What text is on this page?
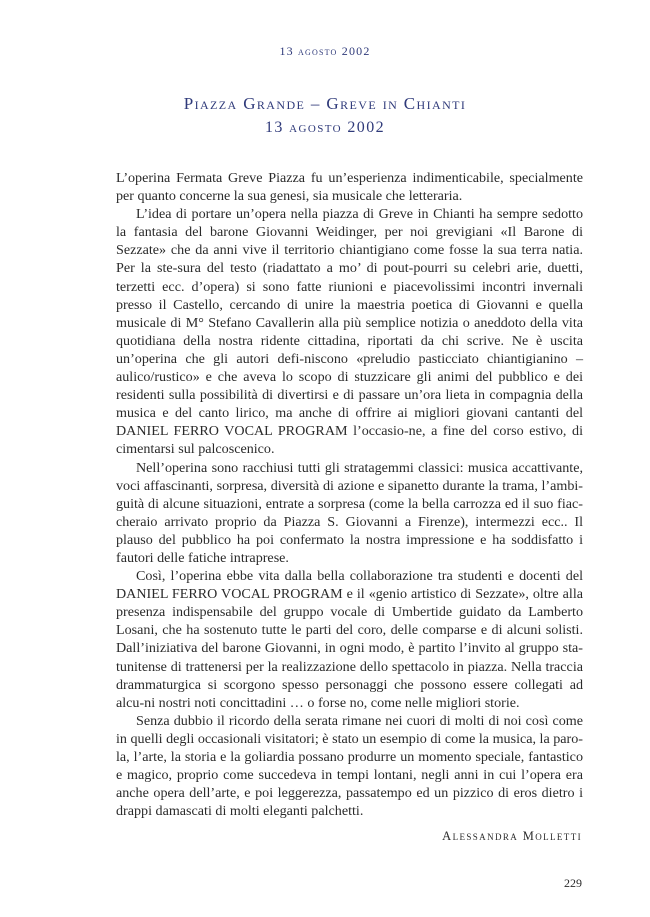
13 agosto 2002
Piazza Grande – Greve in Chianti
13 agosto 2002

L’operina Fermata Greve Piazza fu un’esperienza indimenticabile, specialmente per quanto concerne la sua genesi, sia musicale che letteraria.

L’idea di portare un’opera nella piazza di Greve in Chianti ha sempre sedotto la fantasia del barone Giovanni Weidinger, per noi grevigiani «Il Barone di Sezzate» che da anni vive il territorio chiantigiano come fosse la sua terra natia. Per la ste-sura del testo (riadattato a mo’ di pout-pourri su celebri arie, duetti, terzetti ecc. d’opera) si sono fatte riunioni e piacevolissimi incontri invernali presso il Castello, cercando di unire la maestria poetica di Giovanni e quella musicale di M° Stefano Cavallerin alla più semplice notizia o aneddoto della vita quotidiana della nostra ridente cittadina, riportati da chi scrive. Ne è uscita un’operina che gli autori defi-niscono «preludio pasticciato chiantigianino – aulico/rustico» e che aveva lo scopo di stuzzicare gli animi del pubblico e dei residenti sulla possibilità di divertirsi e di passare un’ora lieta in compagnia della musica e del canto lirico, ma anche di offrire ai migliori giovani cantanti del DANIEL FERRO VOCAL PROGRAM l’occasio-ne, a fine del corso estivo, di cimentarsi sul palcoscenico.

Nell’operina sono racchiusi tutti gli stratagemmi classici: musica accattivante, voci affascinanti, sorpresa, diversità di azione e sipanetto durante la trama, l’ambi-guità di alcune situazioni, entrate a sorpresa (come la bella carrozza ed il suo fiac-cheraio arrivato proprio da Piazza S. Giovanni a Firenze), intermezzi ecc.. Il plauso del pubblico ha poi confermato la nostra impressione e ha soddisfatto i fautori delle fatiche intraprese.

Così, l’operina ebbe vita dalla bella collaborazione tra studenti e docenti del DANIEL FERRO VOCAL PROGRAM e il «genio artistico di Sezzate», oltre alla presenza indispensabile del gruppo vocale di Umbertide guidato da Lamberto Losani, che ha sostenuto tutte le parti del coro, delle comparse e di alcuni solisti. Dall’iniziativa del barone Giovanni, in ogni modo, è partito l’invito al gruppo sta-tunitense di trattenersi per la realizzazione dello spettacolo in piazza. Nella traccia drammaturgica si scorgono spesso personaggi che possono essere collegati ad alcu-ni nostri noti concittadini … o forse no, come nelle migliori storie.

Senza dubbio il ricordo della serata rimane nei cuori di molti di noi così come in quelli degli occasionali visitatori; è stato un esempio di come la musica, la paro-la, l’arte, la storia e la goliardia possano produrre un momento speciale, fantastico e magico, proprio come succedeva in tempi lontani, negli anni in cui l’opera era anche opera dell’arte, e poi leggerezza, passatempo ed un pizzico di eros dietro i drappi damascati di molti eleganti palchetti.

Alessandra Molletti
229
